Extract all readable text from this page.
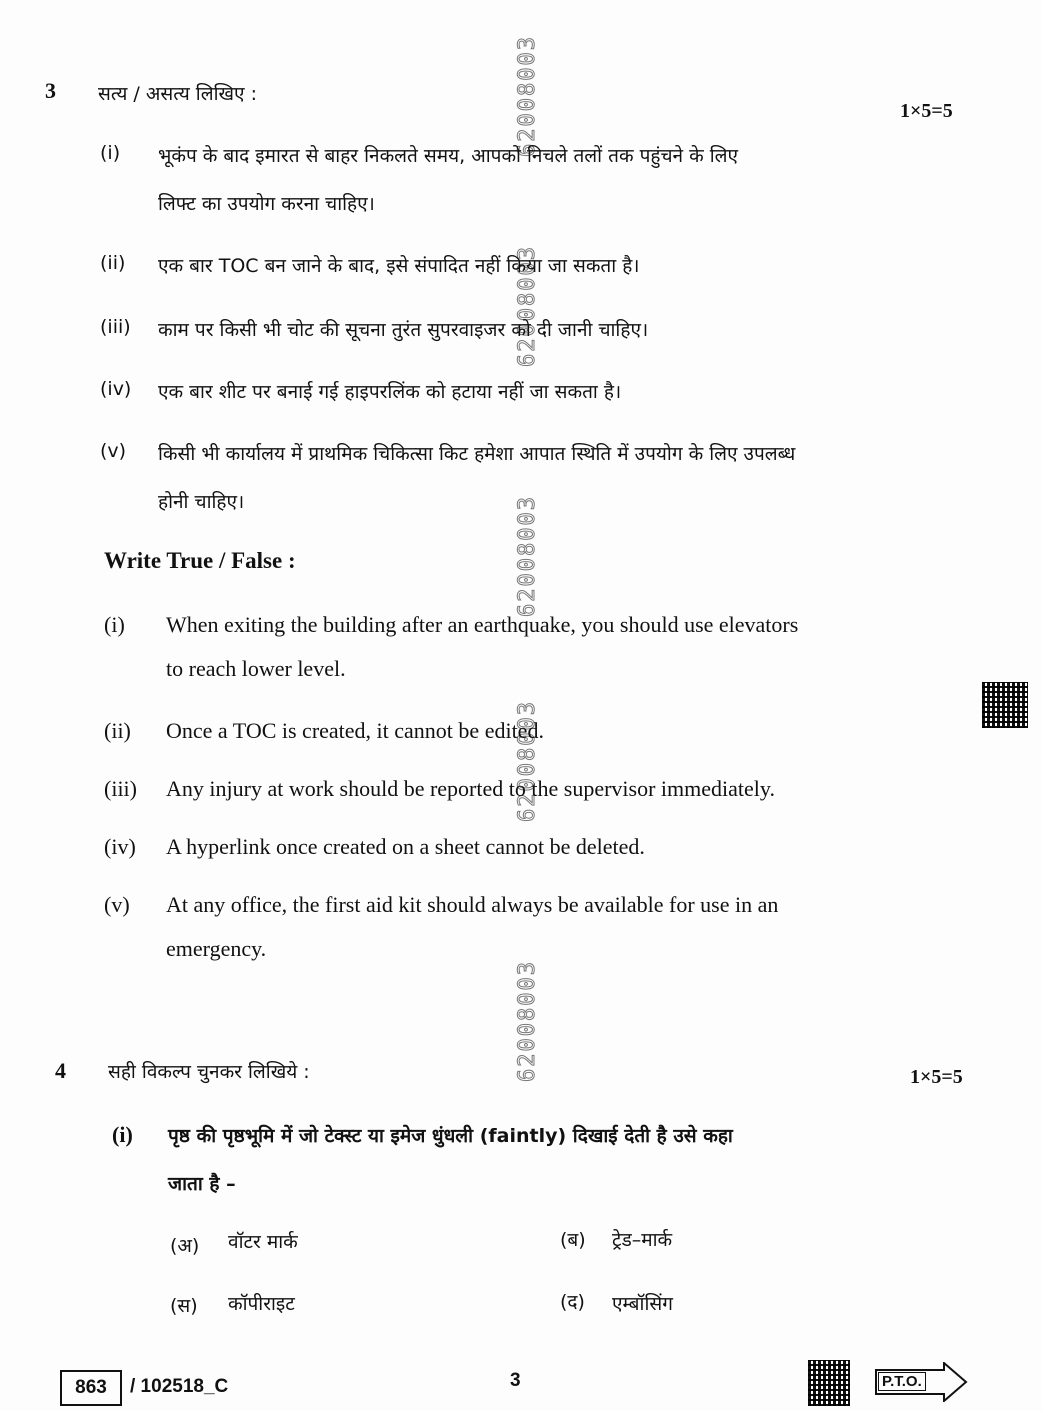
62008003
62008003
62008003
62008003
62008003
3 सत्य / असत्य लिखिए :
1×5=5
(i) भूकंप के बाद इमारत से बाहर निकलते समय, आपको निचले तलों तक पहुंचने के लिए
लिफ्ट का उपयोग करना चाहिए।
(ii) एक बार TOC बन जाने के बाद, इसे संपादित नहीं किया जा सकता है।
(iii) काम पर किसी भी चोट की सूचना तुरंत सुपरवाइजर को दी जानी चाहिए।
(iv) एक बार शीट पर बनाई गई हाइपरलिंक को हटाया नहीं जा सकता है।
(v) किसी भी कार्यालय में प्राथमिक चिकित्सा किट हमेशा आपात स्थिति में उपयोग के लिए उपलब्ध
होनी चाहिए।
Write True / False :
(i) When exiting the building after an earthquake, you should use elevators
to reach lower level.
(ii) Once a TOC is created, it cannot be edited.
(iii) Any injury at work should be reported to the supervisor immediately.
(iv) A hyperlink once created on a sheet cannot be deleted.
(v) At any office, the first aid kit should always be available for use in an
emergency.
4 सही विकल्प चुनकर लिखिये :	1×5=5
(i) पृष्ठ की पृष्ठभूमि में जो टेक्स्ट या इमेज धुंधली (faintly) दिखाई देती है उसे कहा
जाता है –
(अ) वॉटर मार्क	(ब) ट्रेड–मार्क
(स) कॉपीराइट	(द) एम्बॉसिंग
863	/ 102518_C	3	P.T.O.
